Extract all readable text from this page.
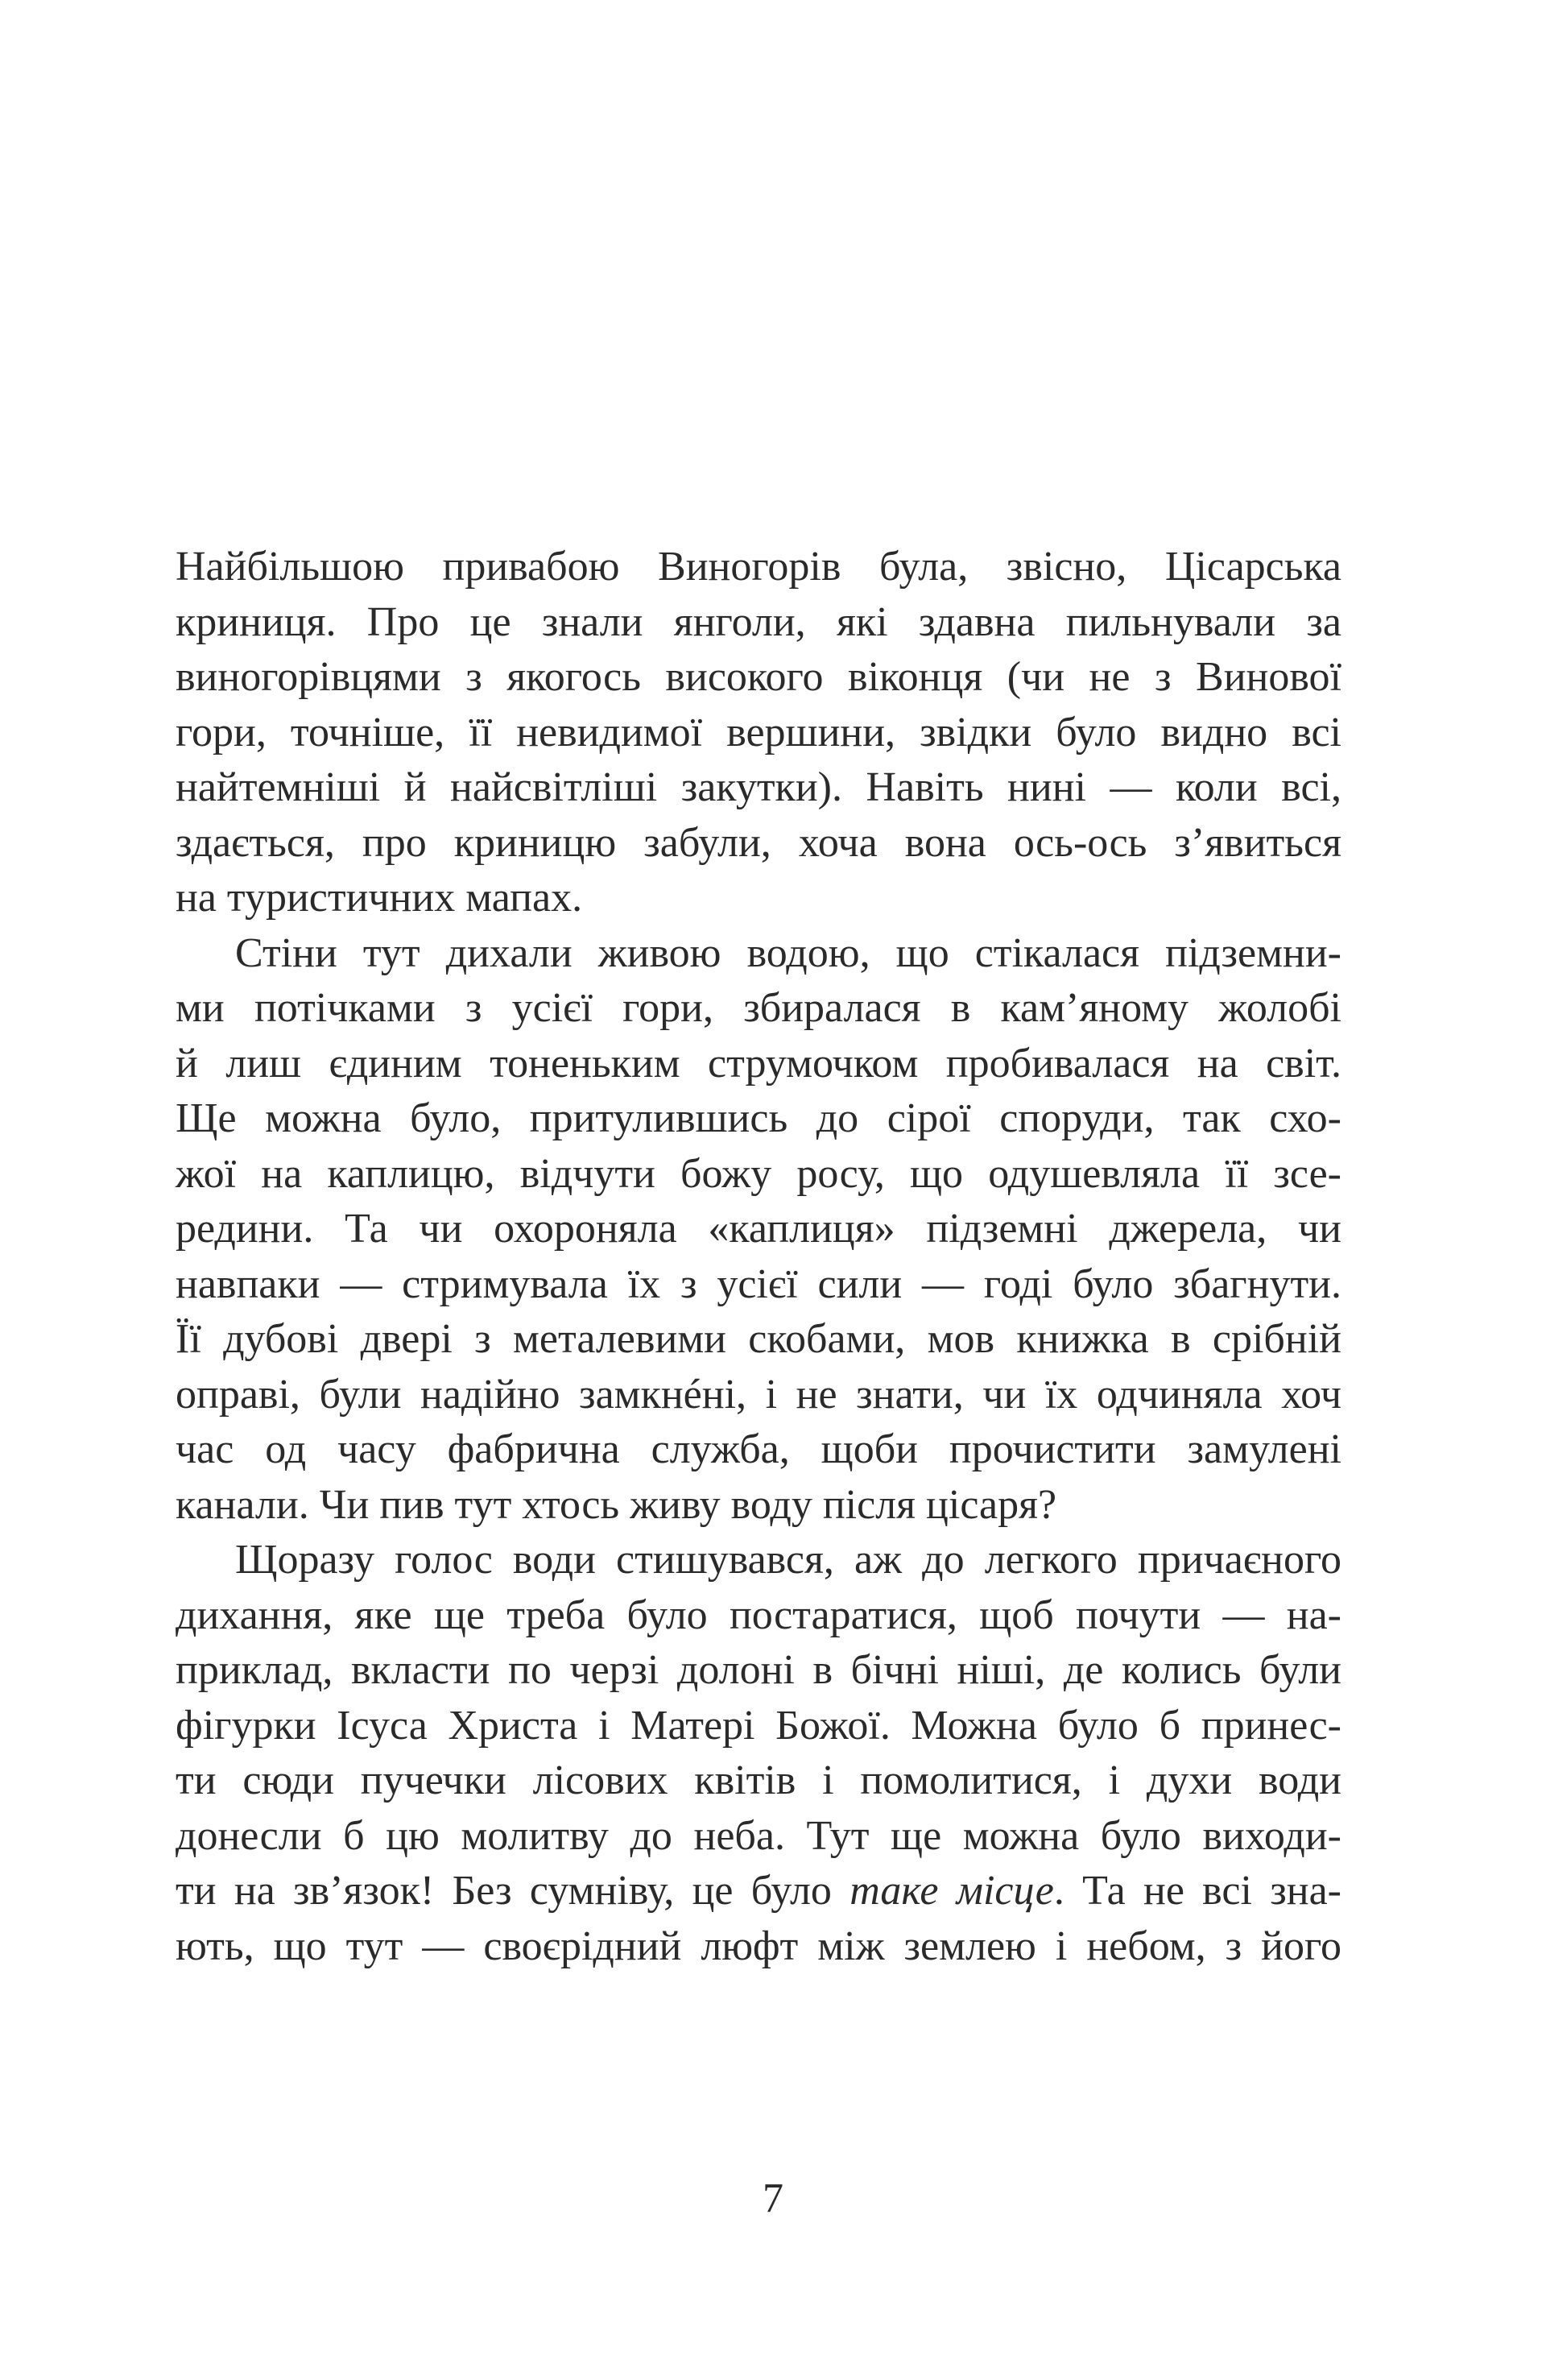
Найбільшою привабою Виногорів була, звісно, Цісарська
криниця. Про це знали янголи, які здавна пильнували за
виногорівцями з якогось високого віконця (чи не з Винової
гори, точніше, її невидимої вершини, звідки було видно всі
найтемніші й найсвітліші закутки). Навіть нині — коли всі,
здається, про криницю забули, хоча вона ось-ось з’явиться
на туристичних мапах.
Стіни тут дихали живою водою, що стікалася підземни-
ми потічками з усієї гори, збиралася в кам’яному жолобі
й лиш єдиним тоненьким струмочком пробивалася на світ.
Ще можна було, притулившись до сірої споруди, так схо-
жої на каплицю, відчути божу росу, що одушевляла її зсе-
редини. Та чи охороняла «каплиця» підземні джерела, чи
навпаки — стримувала їх з усієї сили — годі було збагнути.
Її дубові двері з металевими скобами, мов книжка в срібній
оправі, були надійно замкнéні, і не знати, чи їх одчиняла хоч
час од часу фабрична служба, щоби прочистити замулені
канали. Чи пив тут хтось живу воду після цісаря?
Щоразу голос води стишувався, аж до легкого причаєного
дихання, яке ще треба було постаратися, щоб почути — на-
приклад, вкласти по черзі долоні в бічні ніші, де колись були
фігурки Ісуса Христа і Матері Божої. Можна було б принес-
ти сюди пучечки лісових квітів і помолитися, і духи води
донесли б цю молитву до неба. Тут ще можна було виходи-
ти на зв’язок! Без сумніву, це було таке місце. Та не всі зна-
ють, що тут — своєрідний люфт між землею і небом, з його
7
